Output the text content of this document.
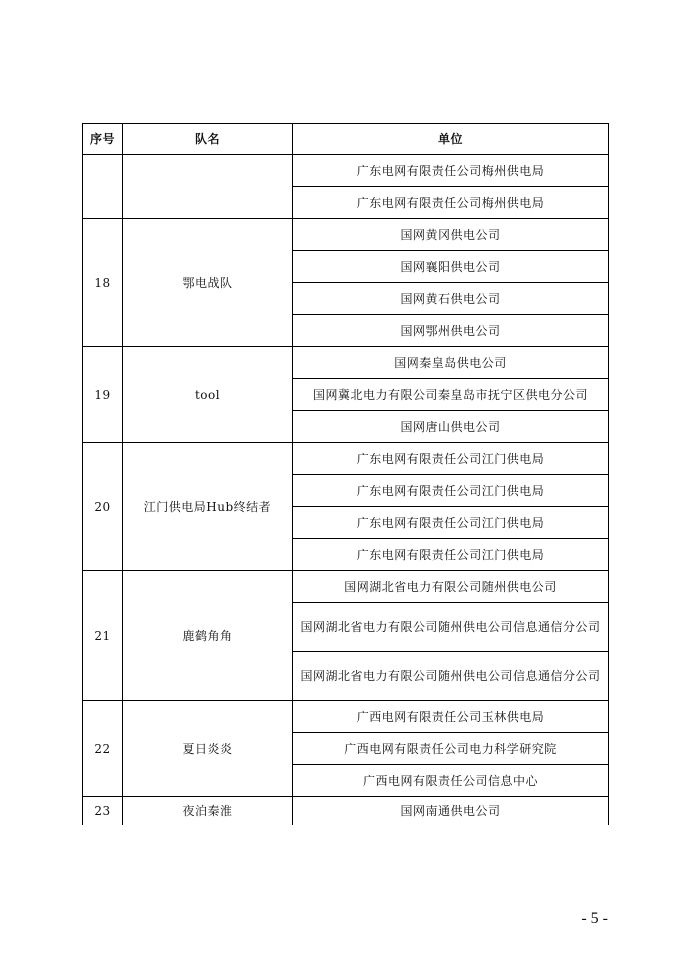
序号	队名	单位
		广东电网有限责任公司梅州供电局
		广东电网有限责任公司梅州供电局
18	鄂电战队	国网黄冈供电公司
		国网襄阳供电公司
		国网黄石供电公司
		国网鄂州供电公司
19	tool	国网秦皇岛供电公司
		国网冀北电力有限公司秦皇岛市抚宁区供电分公司
		国网唐山供电公司
20	江门供电局Hub终结者	广东电网有限责任公司江门供电局
		广东电网有限责任公司江门供电局
		广东电网有限责任公司江门供电局
		广东电网有限责任公司江门供电局
21	鹿鹤角角	国网湖北省电力有限公司随州供电公司
		国网湖北省电力有限公司随州供电公司信息通信分公司
		国网湖北省电力有限公司随州供电公司信息通信分公司
22	夏日炎炎	广西电网有限责任公司玉林供电局
		广西电网有限责任公司电力科学研究院
		广西电网有限责任公司信息中心
23	夜泊秦淮	国网南通供电公司
- 5 -
